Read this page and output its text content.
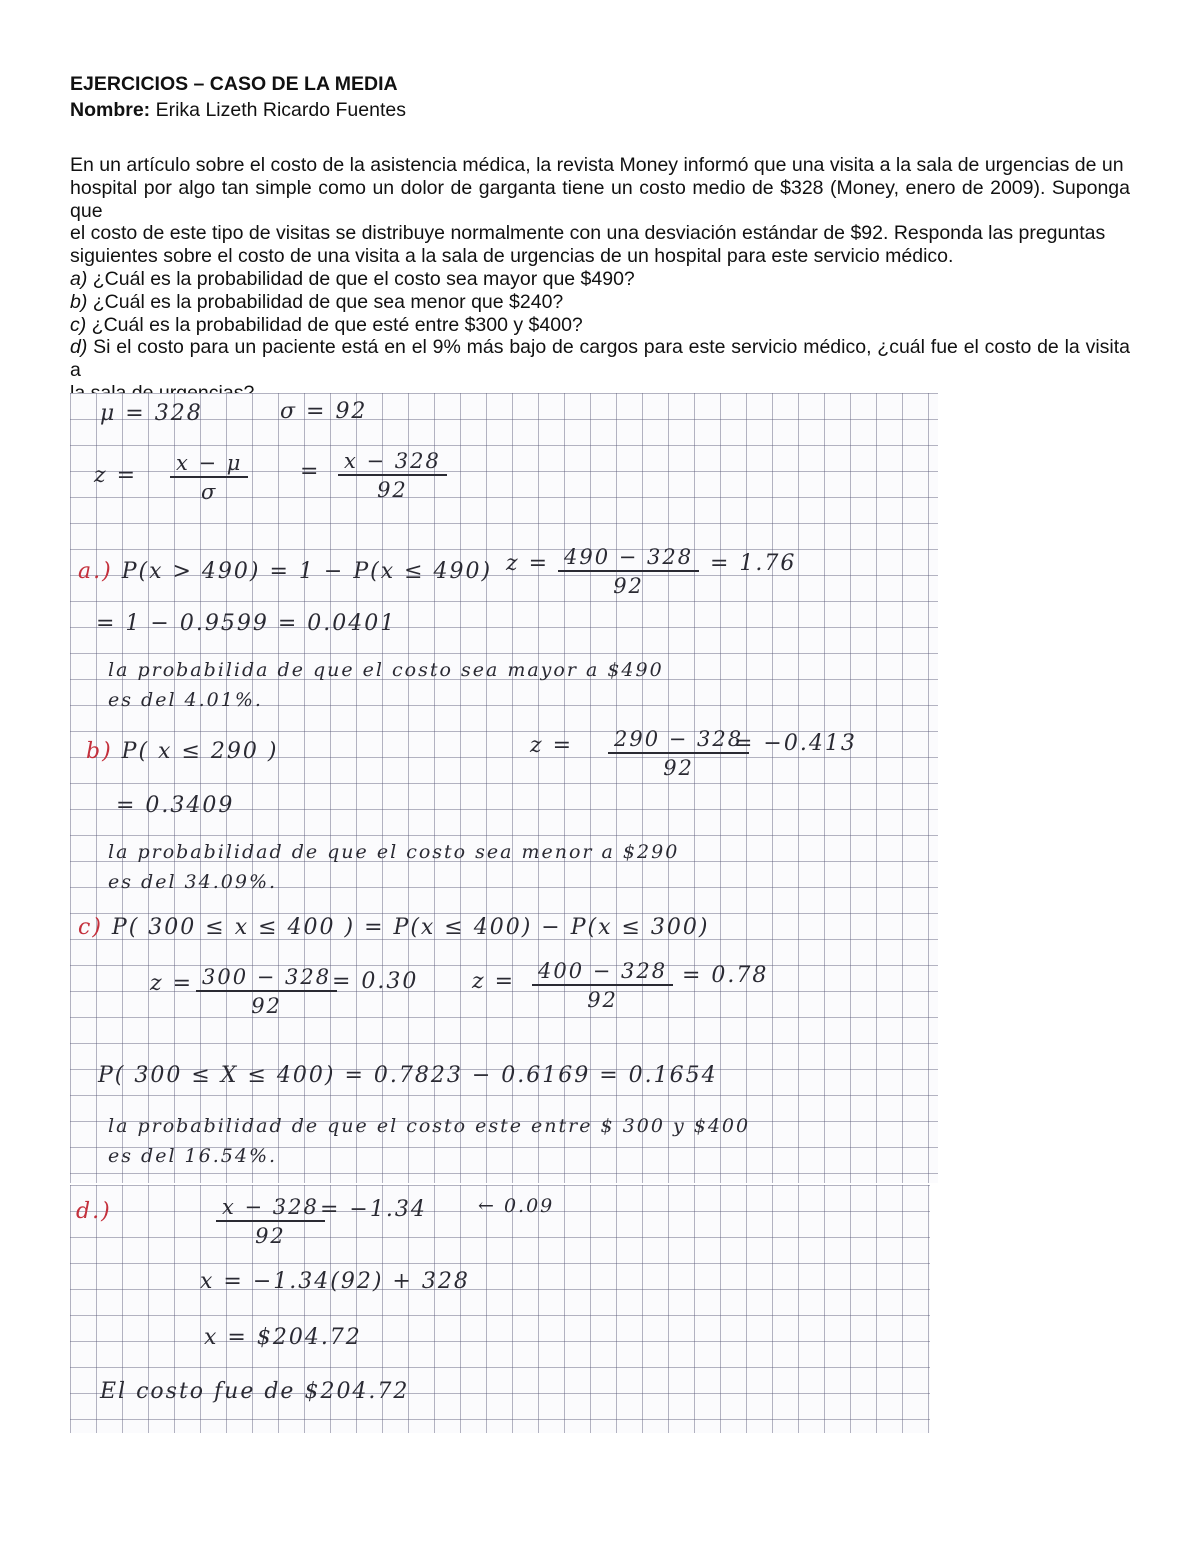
EJERCICIOS – CASO DE LA MEDIA
Nombre: Erika Lizeth Ricardo Fuentes
En un artículo sobre el costo de la asistencia médica, la revista Money informó que una visita a la sala de urgencias de un
hospital por algo tan simple como un dolor de garganta tiene un costo medio de $328 (Money, enero de 2009). Suponga que
el costo de este tipo de visitas se distribuye normalmente con una desviación estándar de $92. Responda las preguntas
siguientes sobre el costo de una visita a la sala de urgencias de un hospital para este servicio médico.
a) ¿Cuál es la probabilidad de que el costo sea mayor que $490?
b) ¿Cuál es la probabilidad de que sea menor que $240?
c) ¿Cuál es la probabilidad de que esté entre $300 y $400?
d) Si el costo para un paciente está en el 9% más bajo de cargos para este servicio médico, ¿cuál fue el costo de la visita a
μ = 328	σ = 92
$z = \frac{x - \mu}{\sigma} = \frac{x - 328}{92}$
a.) P(x > 490) = 1 − P(x ≤ 490) $z = \frac{490 - 328}{92} = 1.76$
= 1 − 0.9599 = 0.0401
la probabilida de que el costo sea mayor a $490
es del 4.01%.
b) P( x ≤ 290 )	$z = \frac{290 - 328}{92}$
= −0.413
= 0.3409
la probabilidad de que el costo sea menor a $290
es del 34.09%.
c) P( 300 ≤ x ≤ 400 ) = P(x ≤ 400) − P(x ≤ 300)
$z = \frac{300 - 328}{92}$
= 0.30 $z = \frac{400 - 328}{92} = 0.78$
P( 300 ≤ X ≤ 400) = 0.7823 − 0.6169 = 0.1654
la probabilidad de que el costo este entre $ 300 y $400
es del 16.54%.
d.)	$\frac{x - 328}{92}$
= −1.34	← 0.09
x = −1.34(92) + 328
x = $204.72
El costo fue de $204.72
